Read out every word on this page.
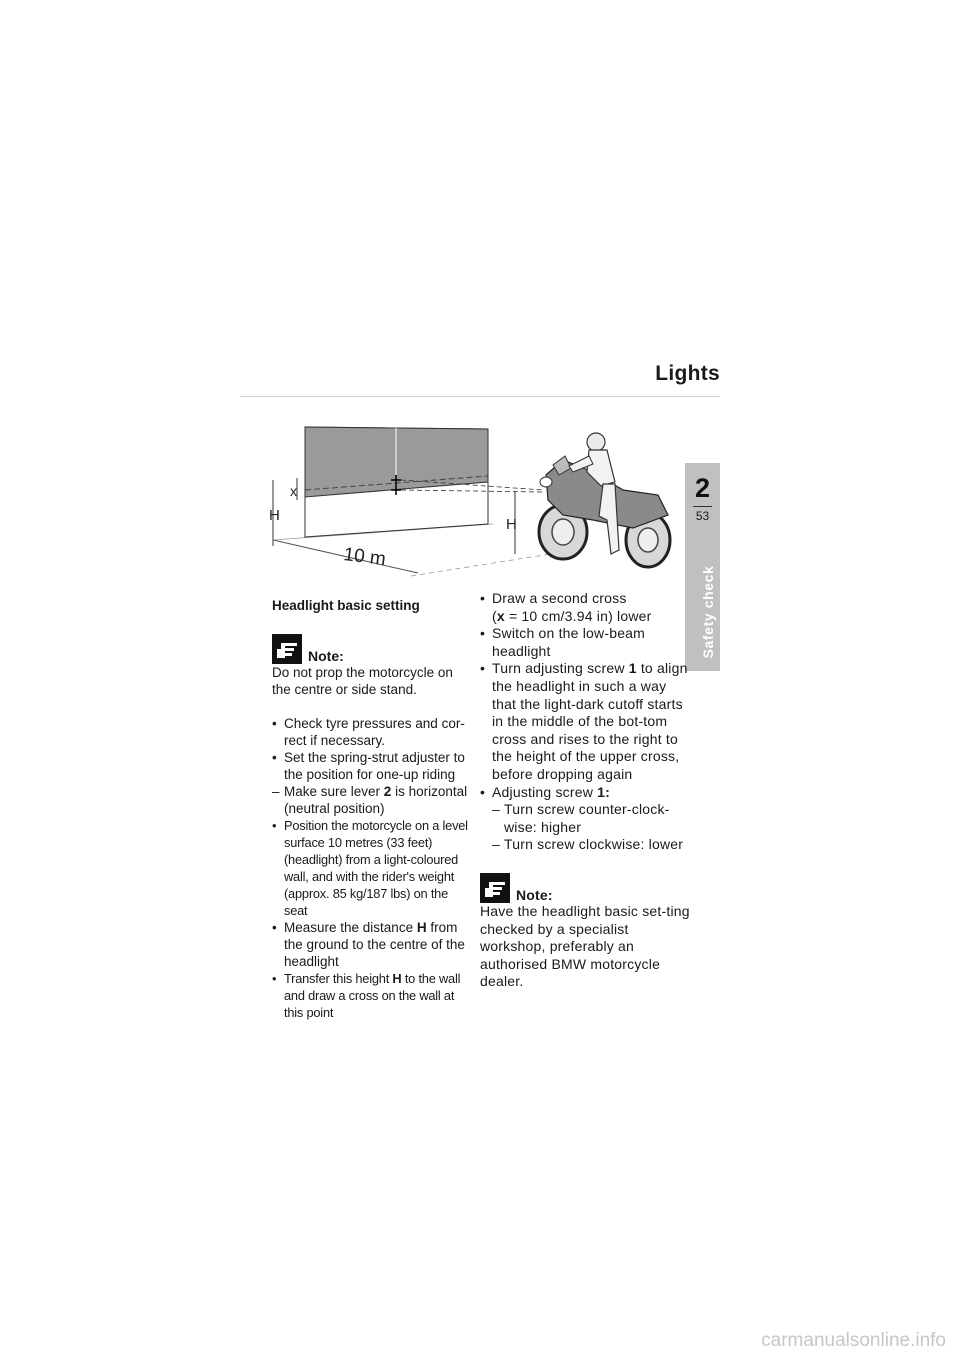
Lights
2
53
Safety check
x
H
H
10 m

Headlight basic setting

Note:

Do not prop the motorcycle on the centre or side stand.

• Check tyre pressures and cor-rect if necessary.
• Set the spring-strut adjuster to the position for one-up riding
– Make sure lever 2 is horizontal (neutral position)
• Position the motorcycle on a level surface 10 metres (33 feet) (headlight) from a light-coloured wall, and with the rider's weight (approx. 85 kg/187 lbs) on the seat
• Measure the distance H from the ground to the centre of the headlight
• Transfer this height H to the wall and draw a cross on the wall at this point
• Draw a second cross
(x = 10 cm/3.94 in) lower
• Switch on the low-beam headlight
• Turn adjusting screw 1 to align the headlight in such a way that the light-dark cutoff starts in the middle of the bot-tom cross and rises to the right to the height of the upper cross, before dropping again
• Adjusting screw 1:
– Turn screw counter-clock-wise: higher
– Turn screw clockwise: lower
Note:

Have the headlight basic set-ting checked by a specialist workshop, preferably an authorised BMW motorcycle dealer.

carmanualsonline.info
